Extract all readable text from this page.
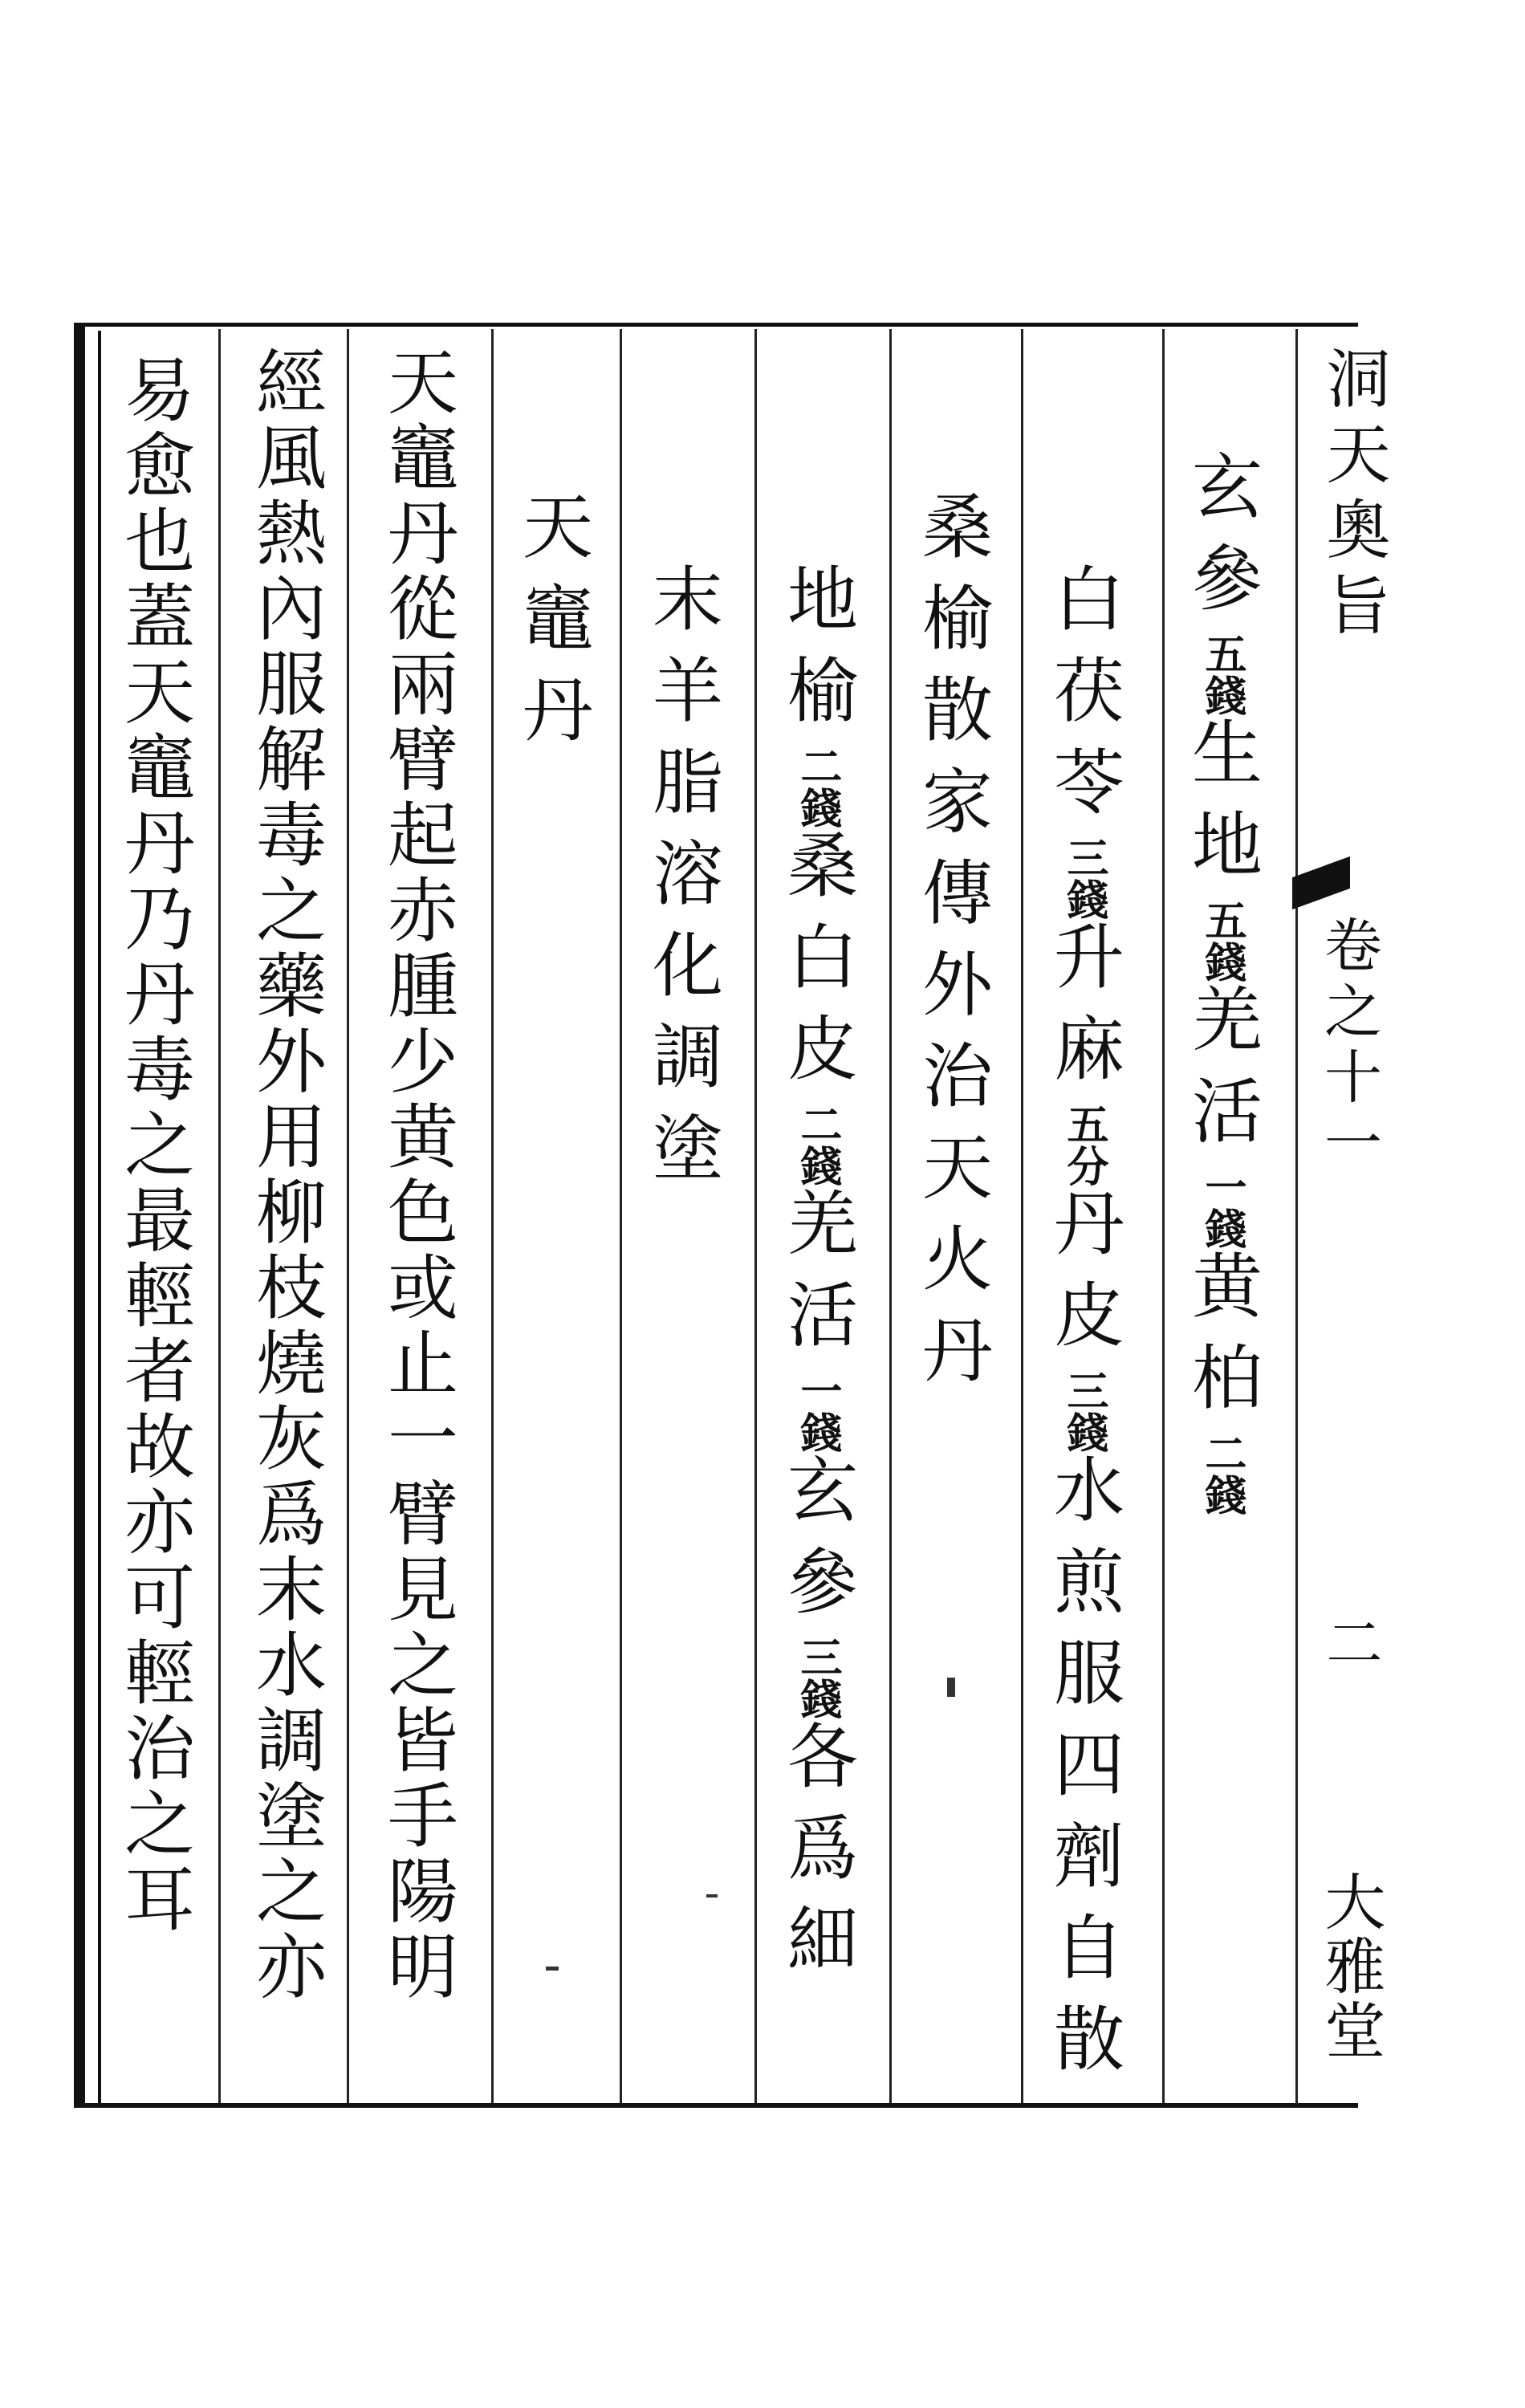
洞天奧旨
卷之十一
二
大雅堂
玄參五錢生地五錢羌活一錢黄柏二錢
白茯苓三錢升麻五分丹皮三錢水煎服四劑自散
桑榆散家傳外治天火丹
地榆二錢桑白皮二錢羌活一錢玄參三錢各爲細
末羊脂溶化調塗
天竈丹
天竈丹從兩臂起赤腫少黄色或止一臂見之皆手陽明
經風熱內服解毒之藥外用柳枝燒灰爲末水調塗之亦
易愈也蓋天竈丹乃丹毒之最輕者故亦可輕治之耳
